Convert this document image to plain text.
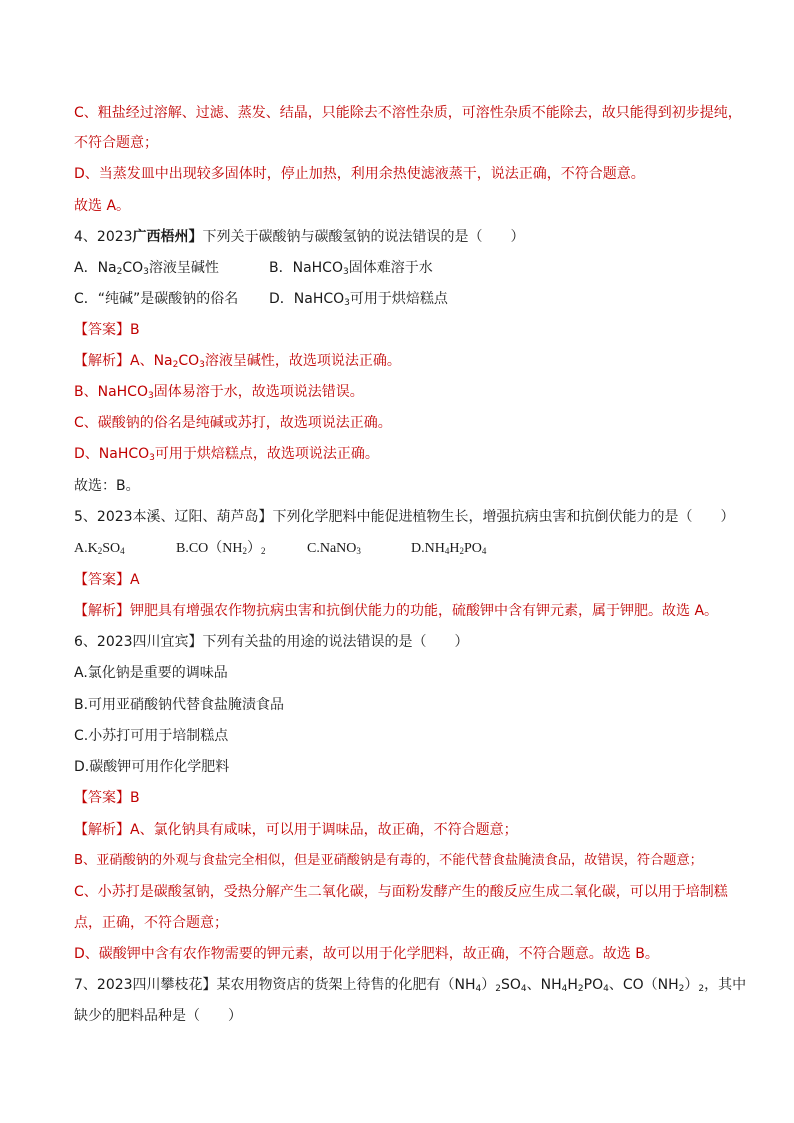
C、粗盐经过溶解、过滤、蒸发、结晶，只能除去不溶性杂质，可溶性杂质不能除去，故只能得到初步提纯，
不符合题意；
D、当蒸发皿中出现较多固体时，停止加热，利用余热使滤液蒸干，说法正确，不符合题意。
故选 A。
4、2023广西梧州】下列关于碳酸钠与碳酸氢钠的说法错误的是（　　）
A．$Na_2CO_3$溶液呈碱性	B．NaHCO$_3$固体难溶于水
C．“纯碱”是碳酸钠的俗名	D．NaHCO$_3$可用于烘焙糕点
【答案】B
【解析】A、$Na_2CO_3$溶液呈碱性，故选项说法正确。
B、NaHCO$_3$固体易溶于水，故选项说法错误。
C、碳酸钠的俗名是纯碱或苏打，故选项说法正确。
D、NaHCO$_3$可用于烘焙糕点，故选项说法正确。
故选：B。
5、2023本溪、辽阳、葫芦岛】下列化学肥料中能促进植物生长，增强抗病虫害和抗倒伏能力的是（　　）
$A.K_2SO_4$	$B.CO(NH_2)_2$	C.NaNO$_3$	$D.NH_4H_2PO_4$
【答案】A
【解析】钾肥具有增强农作物抗病虫害和抗倒伏能力的功能，硫酸钾中含有钾元素，属于钾肥。故选 A。
6、2023四川宜宾】下列有关盐的用途的说法错误的是（　　）
A.氯化钠是重要的调味品
B.可用亚硝酸钠代替食盐腌渍食品
C.小苏打可用于培制糕点
D.碳酸钾可用作化学肥料
【答案】B
【解析】A、氯化钠具有咸味，可以用于调味品，故正确，不符合题意；
B、亚硝酸钠的外观与食盐完全相似，但是亚硝酸钠是有毒的，不能代替食盐腌渍食品，故错误，符合题意；
C、小苏打是碳酸氢钠，受热分解产生二氧化碳，与面粉发酵产生的酸反应生成二氧化碳，可以用于培制糕
点，正确，不符合题意；
D、碳酸钾中含有农作物需要的钾元素，故可以用于化学肥料，故正确，不符合题意。故选 B。
7、2023四川攀枝花】某农用物资店的货架上待售的化肥有$(NH_4)_2SO_4$、$NH_4H_2PO_4$、$CO(NH_2)_2$，其中
缺少的肥料品种是（　　）
